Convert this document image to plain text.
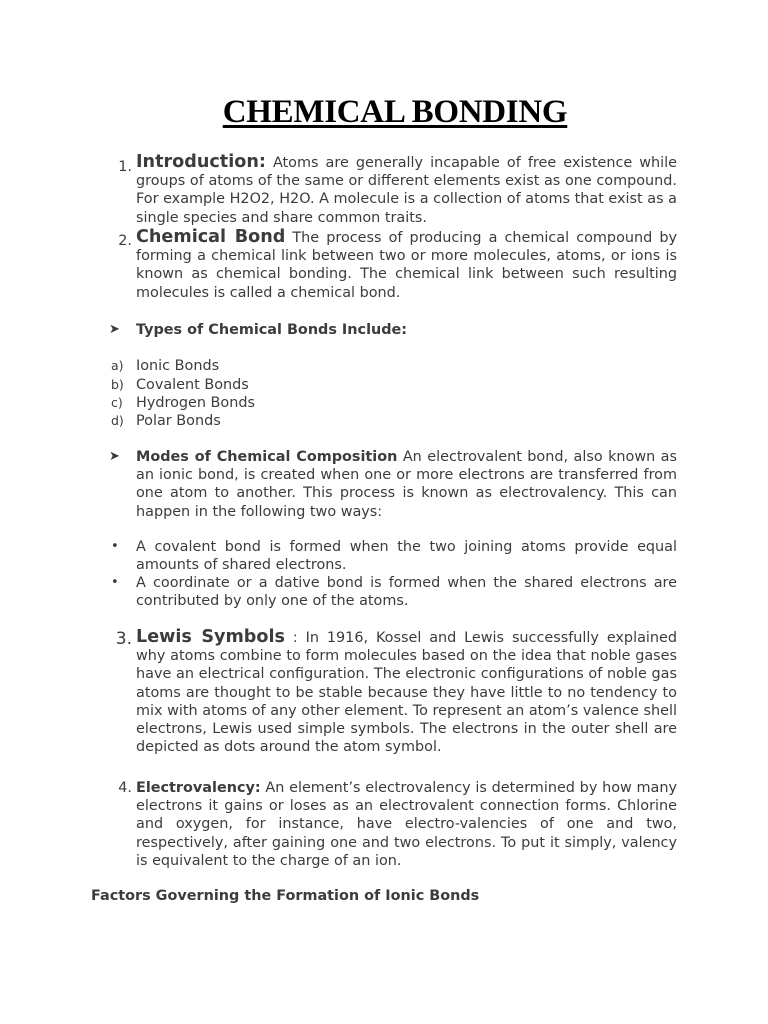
CHEMICAL BONDING
1. Introduction: Atoms are generally incapable of free existence while groups of atoms of the same or different elements exist as one compound. For example H2O2, H2O. A molecule is a collection of atoms that exist as a single species and share common traits.
2. Chemical Bond The process of producing a chemical compound by forming a chemical link between two or more molecules, atoms, or ions is known as chemical bonding. The chemical link between such resulting molecules is called a chemical bond.
➤ Types of Chemical Bonds Include:
a) Ionic Bonds
b) Covalent Bonds
c) Hydrogen Bonds
d) Polar Bonds
➤ Modes of Chemical Composition An electrovalent bond, also known as an ionic bond, is created when one or more electrons are transferred from one atom to another. This process is known as electrovalency. This can happen in the following two ways:
• A covalent bond is formed when the two joining atoms provide equal amounts of shared electrons.
• A coordinate or a dative bond is formed when the shared electrons are contributed by only one of the atoms.
3. Lewis Symbols : In 1916, Kossel and Lewis successfully explained why atoms combine to form molecules based on the idea that noble gases have an electrical configuration. The electronic configurations of noble gas atoms are thought to be stable because they have little to no tendency to mix with atoms of any other element. To represent an atom’s valence shell electrons, Lewis used simple symbols. The electrons in the outer shell are depicted as dots around the atom symbol.
4. Electrovalency: An element’s electrovalency is determined by how many electrons it gains or loses as an electrovalent connection forms. Chlorine and oxygen, for instance, have electro-valencies of one and two, respectively, after gaining one and two electrons. To put it simply, valency is equivalent to the charge of an ion.
Factors Governing the Formation of Ionic Bonds
